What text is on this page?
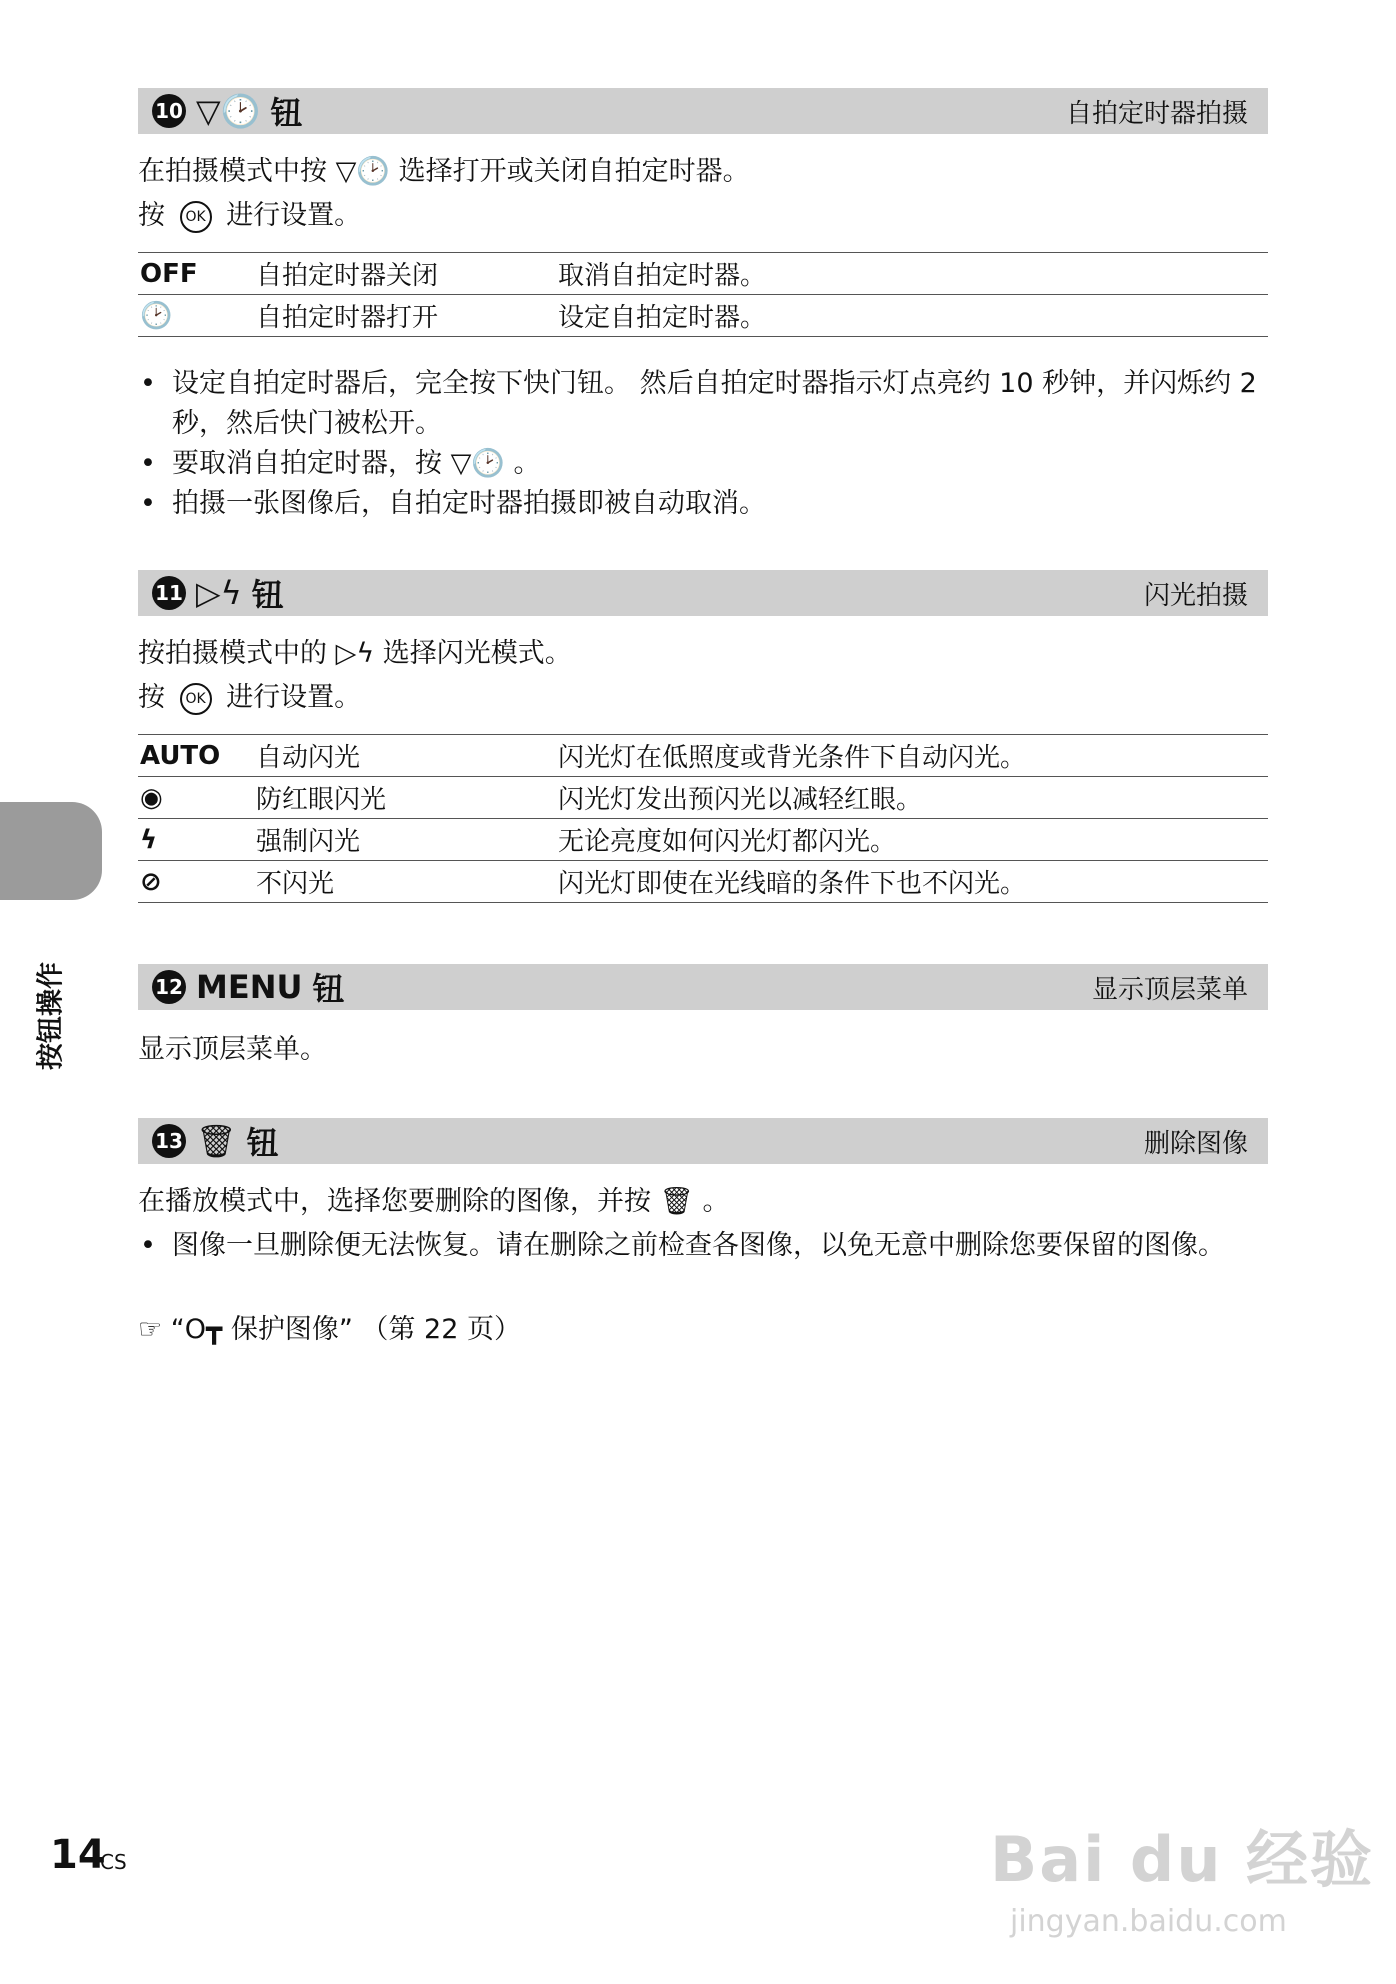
10 ▽🕑 钮	自拍定时器拍摄
在拍摄模式中按 ▽🕑 选择打开或关闭自拍定时器。
按 OK 进行设置。
OFF	自拍定时器关闭	取消自拍定时器。
🕑	自拍定时器打开	设定自拍定时器。
• 设定自拍定时器后，完全按下快门钮。 然后自拍定时器指示灯点亮约 10 秒钟，并闪烁约 2 秒，然后快门被松开。
• 要取消自拍定时器，按 ▽🕑 。
• 拍摄一张图像后，自拍定时器拍摄即被自动取消。
11 ▷ϟ 钮	闪光拍摄
按拍摄模式中的 ▷ϟ 选择闪光模式。
按 OK 进行设置。
AUTO	自动闪光	闪光灯在低照度或背光条件下自动闪光。
◉	防红眼闪光	闪光灯发出预闪光以减轻红眼。
ϟ	强制闪光	无论亮度如何闪光灯都闪光。
⊘	不闪光	闪光灯即使在光线暗的条件下也不闪光。
12 MENU 钮	显示顶层菜单
显示顶层菜单。
13 🗑 钮	删除图像
在播放模式中，选择您要删除的图像，并按 🗑 。
• 图像一旦删除便无法恢复。请在删除之前检查各图像，以免无意中删除您要保留的图像。
☞ “О┳ 保护图像” （第 22 页）
按钮操作
14
CS	Bai du 经验
jingyan.baidu.com
